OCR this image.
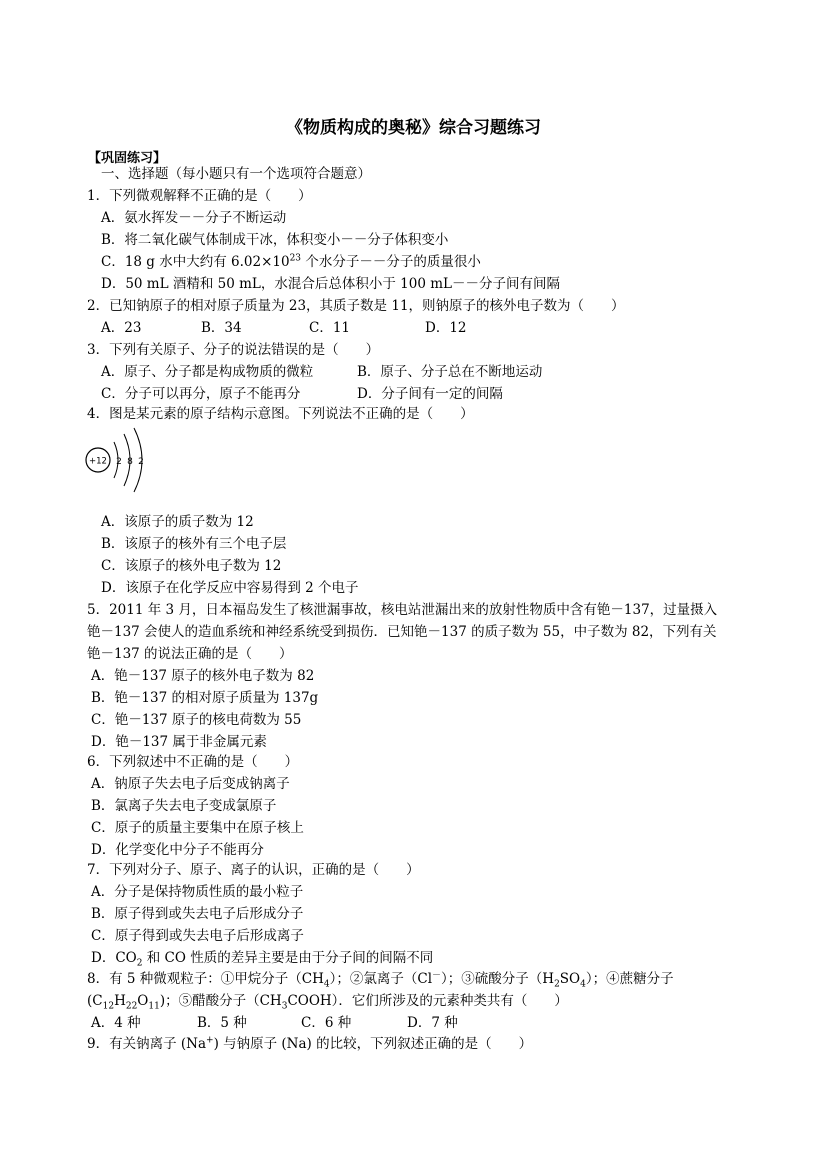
《物质构成的奥秘》综合习题练习
【巩固练习】
一、选择题（每小题只有一个选项符合题意）
1．下列微观解释不正确的是（　　）
A．氨水挥发－－分子不断运动
B．将二氧化碳气体制成干冰，体积变小－－分子体积变小
C．18 g 水中大约有 $6.02\times 10^{23}$ 个水分子－－分子的质量很小
D．50 mL 酒精和 50 mL，水混合后总体积小于 100 mL－－分子间有间隔
2．已知钠原子的相对原子质量为 23，其质子数是 11，则钠原子的核外电子数为（　　）
A．23	B．34	C．11	D．12
3．下列有关原子、分子的说法错误的是（　　）
A．原子、分子都是构成物质的微粒	B．原子、分子总在不断地运动
C．分子可以再分，原子不能再分	D．分子间有一定的间隔
4．图是某元素的原子结构示意图。下列说法不正确的是（　　）
+12 2 8 2
A．该原子的质子数为 12
B．该原子的核外有三个电子层
C．该原子的核外电子数为 12
D．该原子在化学反应中容易得到 2 个电子
5．2011 年 3 月，日本福岛发生了核泄漏事故，核电站泄漏出来的放射性物质中含有铯－137，过量摄入
铯－137 会使人的造血系统和神经系统受到损伤．已知铯－137 的质子数为 55，中子数为 82，下列有关
铯－137 的说法正确的是（　　）
A．铯－137 原子的核外电子数为 82
B．铯－137 的相对原子质量为 137g
C．铯－137 原子的核电荷数为 55
D．铯－137 属于非金属元素
6．下列叙述中不正确的是（　　）
A．钠原子失去电子后变成钠离子
B．氯离子失去电子变成氯原子
C．原子的质量主要集中在原子核上
D．化学变化中分子不能再分
7．下列对分子、原子、离子的认识，正确的是（　　）
A．分子是保持物质性质的最小粒子
B．原子得到或失去电子后形成分子
C．原子得到或失去电子后形成离子
D．$CO_2$ 和 CO 性质的差异主要是由于分子间的间隔不同
8．有 5 种微观粒子：①甲烷分子$(CH_4)$；②氯离子（Cl－）；③硫酸分子$(H_2SO_4)$；④蔗糖分子
$(C_{12}H_{22}O_{11})$；⑤醋酸分子$(CH_3COOH)$．它们所涉及的元素种类共有（　　）
A．4 种	B．5 种	C．6 种	D．7 种
9．有关钠离子 (Na+) 与钠原子 (Na) 的比较，下列叙述正确的是（　　）
